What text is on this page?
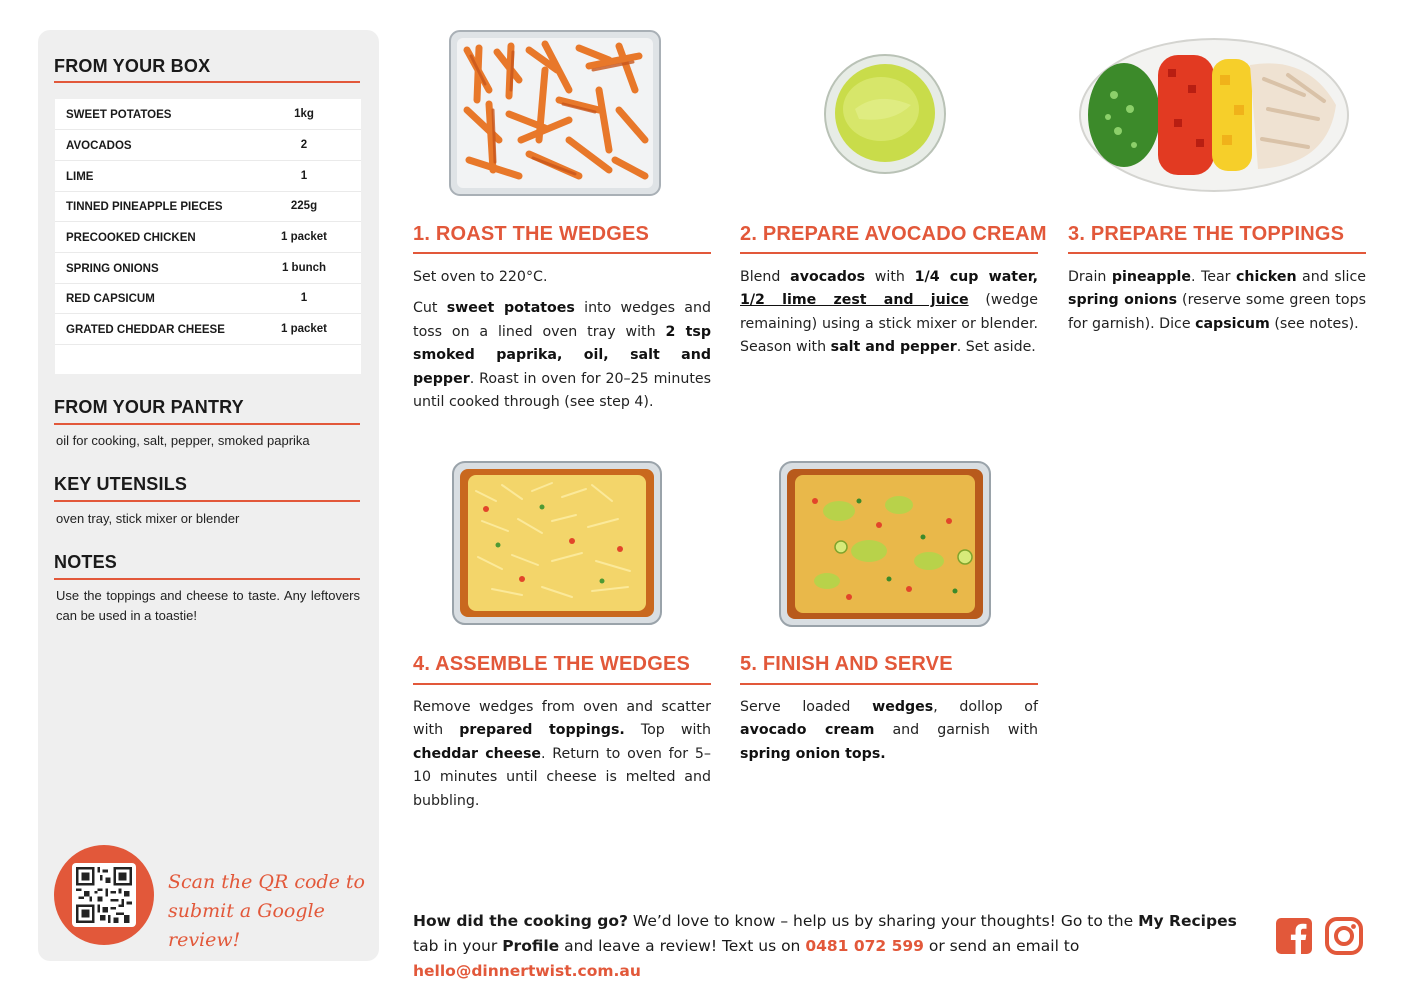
FROM YOUR BOX
SWEET POTATOES	1kg
AVOCADOS	2
LIME	1
TINNED PINEAPPLE PIECES	225g
PRECOOKED CHICKEN	1 packet
SPRING ONIONS	1 bunch
RED CAPSICUM	1
GRATED CHEDDAR CHEESE	1 packet
FROM YOUR PANTRY
oil for cooking, salt, pepper, smoked paprika
KEY UTENSILS
oven tray, stick mixer or blender
NOTES
Use the toppings and cheese to taste. Any leftovers can be used in a toastie!
Scan the QR code to submit a Google review!
1. ROAST THE WEDGES

Set oven to 220°C.

Cut sweet potatoes into wedges and toss on a lined oven tray with 2 tsp smoked paprika, oil, salt and pepper. Roast in oven for 20–25 minutes until cooked through (see step 4).

2. PREPARE AVOCADO CREAM

Blend avocados with 1/4 cup water, 1/2 lime zest and juice (wedge remaining) using a stick mixer or blender. Season with salt and pepper. Set aside.

3. PREPARE THE TOPPINGS

Drain pineapple. Tear chicken and slice spring onions (reserve some green tops for garnish). Dice capsicum (see notes).

4. ASSEMBLE THE WEDGES

Remove wedges from oven and scatter with prepared toppings. Top with cheddar cheese. Return to oven for 5–10 minutes until cheese is melted and bubbling.

5. FINISH AND SERVE

Serve loaded wedges, dollop of avocado cream and garnish with spring onion tops.

How did the cooking go? We’d love to know – help us by sharing your thoughts! Go to the My Recipes tab in your Profile and leave a review! Text us on 0481 072 599 or send an email to hello@dinnertwist.com.au
